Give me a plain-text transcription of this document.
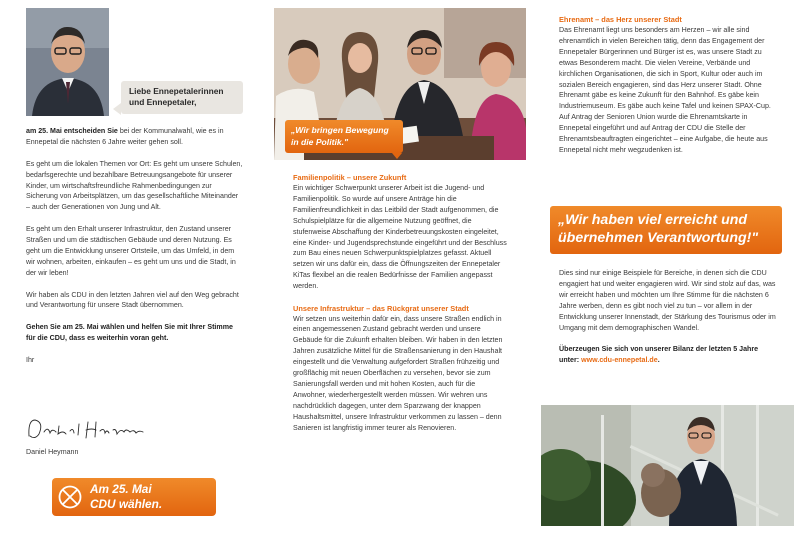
Liebe Ennepetalerinnen
und Ennepetaler,

am 25. Mai entscheiden Sie bei der Kommunalwahl, wie es in Ennepetal die nächsten 6 Jahre weiter gehen soll.

Es geht um die lokalen Themen vor Ort: Es geht um unsere Schulen, bedarfsgerechte und bezahlbare Betreuungsangebote für unserer Kinder, um wirtschaftsfreundliche Rahmenbedingungen zur Sicherung von Arbeitsplätzen, um das gesellschaftliche Miteinander – auch der Generationen von Jung und Alt.

Es geht um den Erhalt unserer Infrastruktur, den Zustand unserer Straßen und um die städtischen Gebäude und deren Nutzung. Es geht um die Entwicklung unserer Ortsteile, um das Umfeld, in dem wir wohnen, arbeiten, einkaufen – es geht um uns und die Stadt, in der wir leben!

Wir haben als CDU in den letzten Jahren viel auf den Weg gebracht und Verantwortung für unsere Stadt übernommen.

Gehen Sie am 25. Mai wählen und helfen Sie mit Ihrer Stimme für die CDU, dass es weiterhin voran geht.

Ihr

Daniel Heymann
Am 25. Mai
CDU wählen.
„Wir bringen Bewegung
in die Politik."
Familienpolitik – unsere Zukunft
Ein wichtiger Schwerpunkt unserer Arbeit ist die Jugend- und Familienpolitik. So wurde auf unsere Anträge hin die Familienfreundlichkeit in das Leitbild der Stadt aufgenommen, die Schulspielplätze für die allgemeine Nutzung geöffnet, die stufenweise Abschaffung der Kinderbetreuungskosten eingeleitet, eine Kinder- und Jugendsprechstunde eingeführt und der Beschluss zum Bau eines neuen Schwerpunktspielplatzes gefasst. Aktuell setzen wir uns dafür ein, dass die Öffnungszeiten der Ennepetaler KiTas flexibel an die realen Bedürfnisse der Familien angepasst werden.
Unsere Infrastruktur – das Rückgrat unserer Stadt
Wir setzen uns weiterhin dafür ein, dass unsere Straßen endlich in einen angemessenen Zustand gebracht werden und unsere Gebäude für die Zukunft erhalten bleiben. Wir haben in den letzten Jahren zusätzliche Mittel für die Straßensanierung in den Haushalt eingestellt und die Verwaltung aufgefordert Straßen frühzeitig und großflächig mit neuen Oberflächen zu versehen, bevor sie zum Sanierungsfall werden und mit hohen Kosten, auch für die Anwohner, wiederhergestellt werden müssen. Wir wehren uns nachdrücklich dagegen, unter dem Sparzwang der knappen Haushaltsmittel, unsere Infrastruktur verkommen zu lassen – denn Sanieren ist langfristig immer teurer als Renovieren.
Ehrenamt – das Herz unserer Stadt
Das Ehrenamt liegt uns besonders am Herzen – wir alle sind ehrenamtlich in vielen Bereichen tätig, denn das Engagement der Ennepetaler Bürgerinnen und Bürger ist es, was unsere Stadt zu etwas Besonderem macht. Die vielen Vereine, Verbände und kirchlichen Organisationen, die sich in Sport, Kultur oder auch im sozialen Bereich engagieren, sind das Herz unserer Stadt. Ohne Ehrenamt gäbe es keine Zukunft für den Bahnhof. Es gäbe kein Industriemuseum. Es gäbe auch keine Tafel und keinen SPAX-Cup. Auf Antrag der Senioren Union wurde die Ehrenamtskarte in Ennepetal eingeführt und auf Antrag der CDU die Stelle der Ehrenamtsbeauftragten eingerichtet – eine Aufgabe, die heute aus Ennepetal nicht mehr wegzudenken ist.
„Wir haben viel erreicht und
übernehmen Verantwortung!"

Dies sind nur einige Beispiele für Bereiche, in denen sich die CDU engagiert hat und weiter engagieren wird. Wir sind stolz auf das, was wir erreicht haben und möchten um Ihre Stimme für die nächsten 6 Jahre werben, denn es gibt noch viel zu tun – vor allem in der Entwicklung unserer Innenstadt, der Stärkung des Tourismus oder im Umgang mit dem demographischen Wandel.

Überzeugen Sie sich von unserer Bilanz der letzten 5 Jahre unter: www.cdu-ennepetal.de.
